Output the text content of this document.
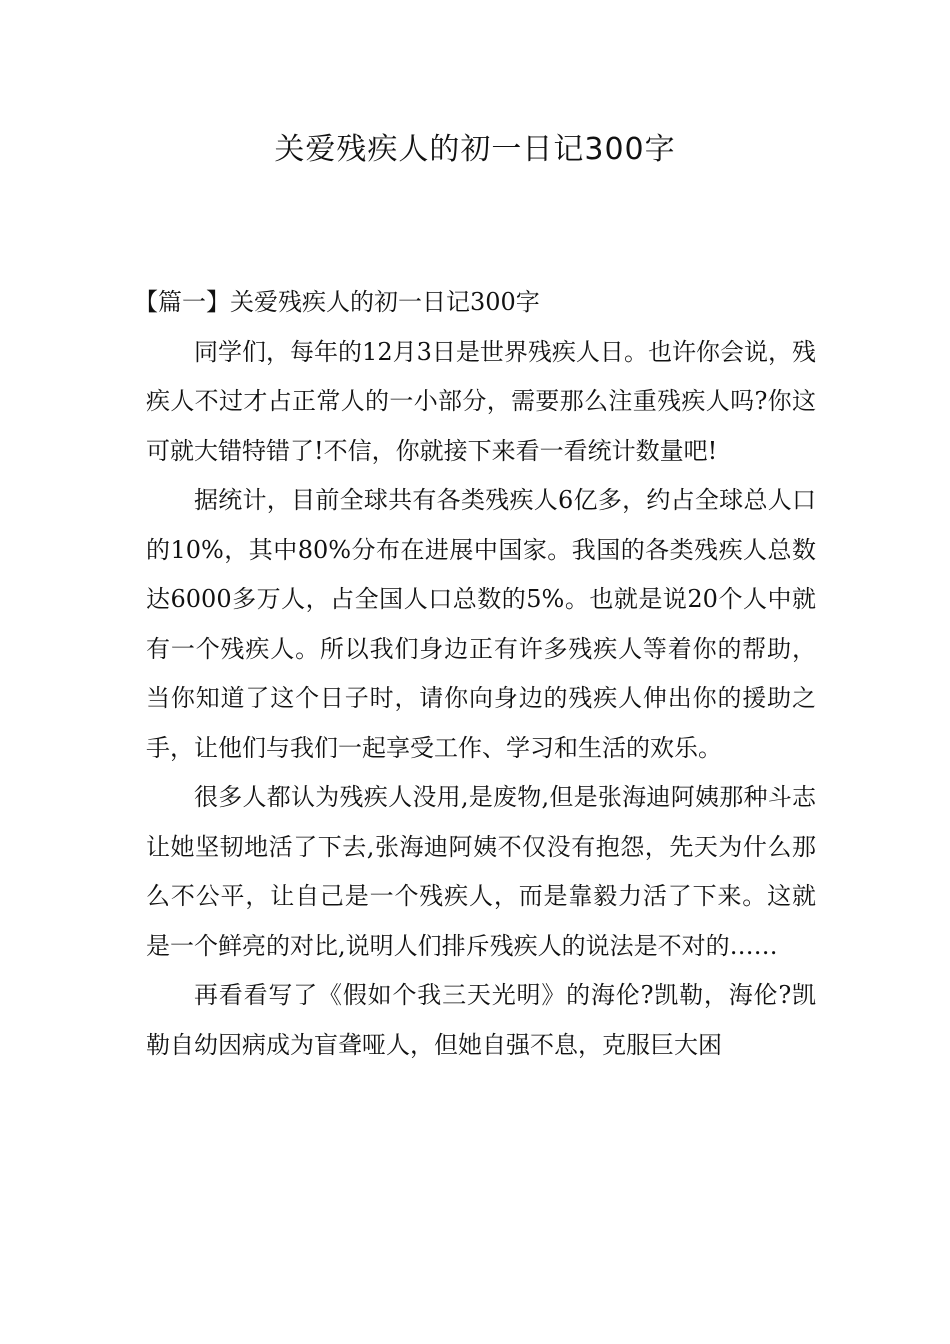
关爱残疾人的初一日记300字

【篇一】关爱残疾人的初一日记300字

同学们，每年的12月3日是世界残疾人日。也许你会说，残疾人不过才占正常人的一小部分，需要那么注重残疾人吗?你这可就大错特错了!不信，你就接下来看一看统计数量吧!

据统计，目前全球共有各类残疾人6亿多，约占全球总人口的10%，其中80%分布在进展中国家。我国的各类残疾人总数达6000多万人，占全国人口总数的5%。也就是说20个人中就有一个残疾人。所以我们身边正有许多残疾人等着你的帮助，当你知道了这个日子时，请你向身边的残疾人伸出你的援助之手，让他们与我们一起享受工作、学习和生活的欢乐。

很多人都认为残疾人没用,是废物,但是张海迪阿姨那种斗志让她坚韧地活了下去,张海迪阿姨不仅没有抱怨，先天为什么那么不公平，让自己是一个残疾人，而是靠毅力活了下来。这就是一个鲜亮的对比,说明人们排斥残疾人的说法是不对的……

再看看写了《假如个我三天光明》的海伦?凯勒，海伦?凯勒自幼因病成为盲聋哑人，但她自强不息，克服巨大困
